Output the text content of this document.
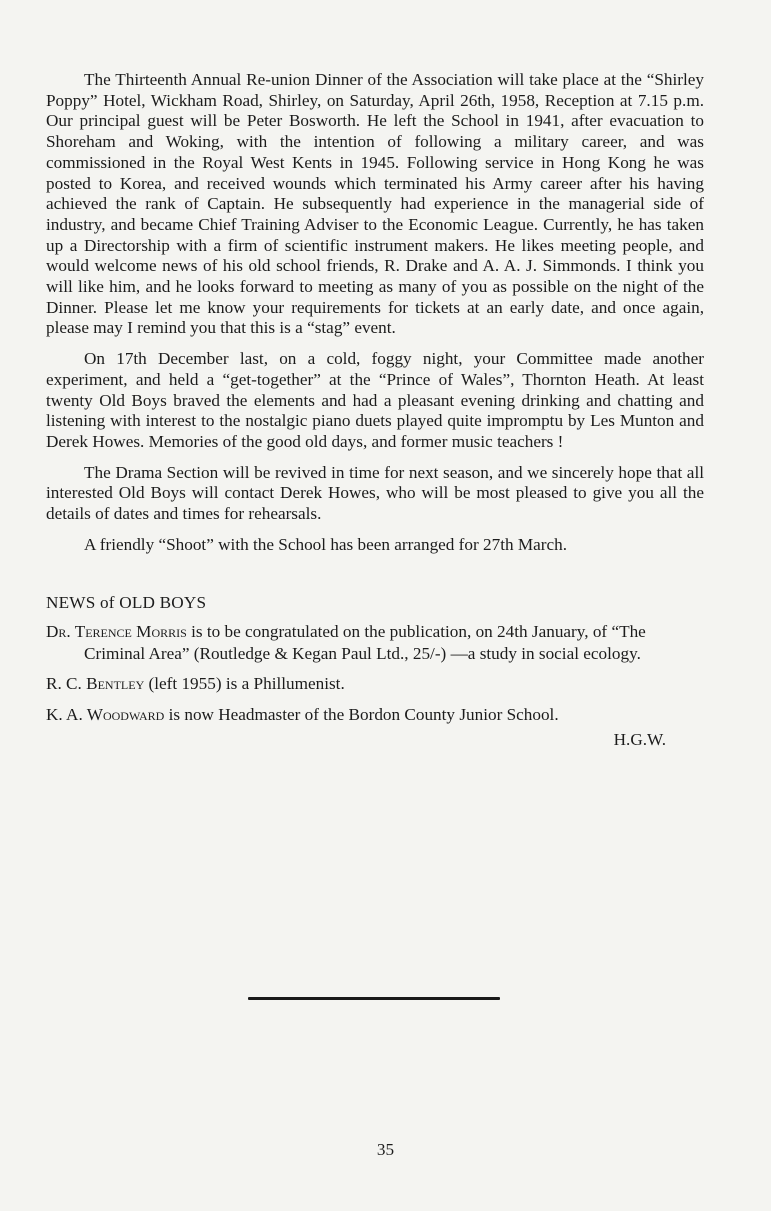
The Thirteenth Annual Re-union Dinner of the Association will take place at the “Shirley Poppy” Hotel, Wickham Road, Shirley, on Saturday, April 26th, 1958, Reception at 7.15 p.m. Our principal guest will be Peter Bosworth. He left the School in 1941, after evacuation to Shoreham and Woking, with the intention of following a military career, and was commissioned in the Royal West Kents in 1945. Following service in Hong Kong he was posted to Korea, and received wounds which terminated his Army career after his having achieved the rank of Captain. He subsequently had experience in the managerial side of industry, and became Chief Training Adviser to the Economic League. Currently, he has taken up a Directorship with a firm of scientific instrument makers. He likes meeting people, and would welcome news of his old school friends, R. Drake and A. A. J. Simmonds. I think you will like him, and he looks forward to meeting as many of you as possible on the night of the Dinner. Please let me know your requirements for tickets at an early date, and once again, please may I remind you that this is a “stag” event.

On 17th December last, on a cold, foggy night, your Committee made another experiment, and held a “get-together” at the “Prince of Wales”, Thornton Heath. At least twenty Old Boys braved the elements and had a pleasant evening drinking and chatting and listening with interest to the nostalgic piano duets played quite impromptu by Les Munton and Derek Howes. Memories of the good old days, and former music teachers !

The Drama Section will be revived in time for next season, and we sincerely hope that all interested Old Boys will contact Derek Howes, who will be most pleased to give you all the details of dates and times for rehearsals.

A friendly “Shoot” with the School has been arranged for 27th March.

NEWS of OLD BOYS
Dr. Terence Morris is to be congratulated on the publication, on 24th January, of “The Criminal Area” (Routledge & Kegan Paul Ltd., 25/-) —a study in social ecology.
R. C. Bentley (left 1955) is a Phillumenist.
K. A. Woodward is now Headmaster of the Bordon County Junior School.
H.G.W.
35
